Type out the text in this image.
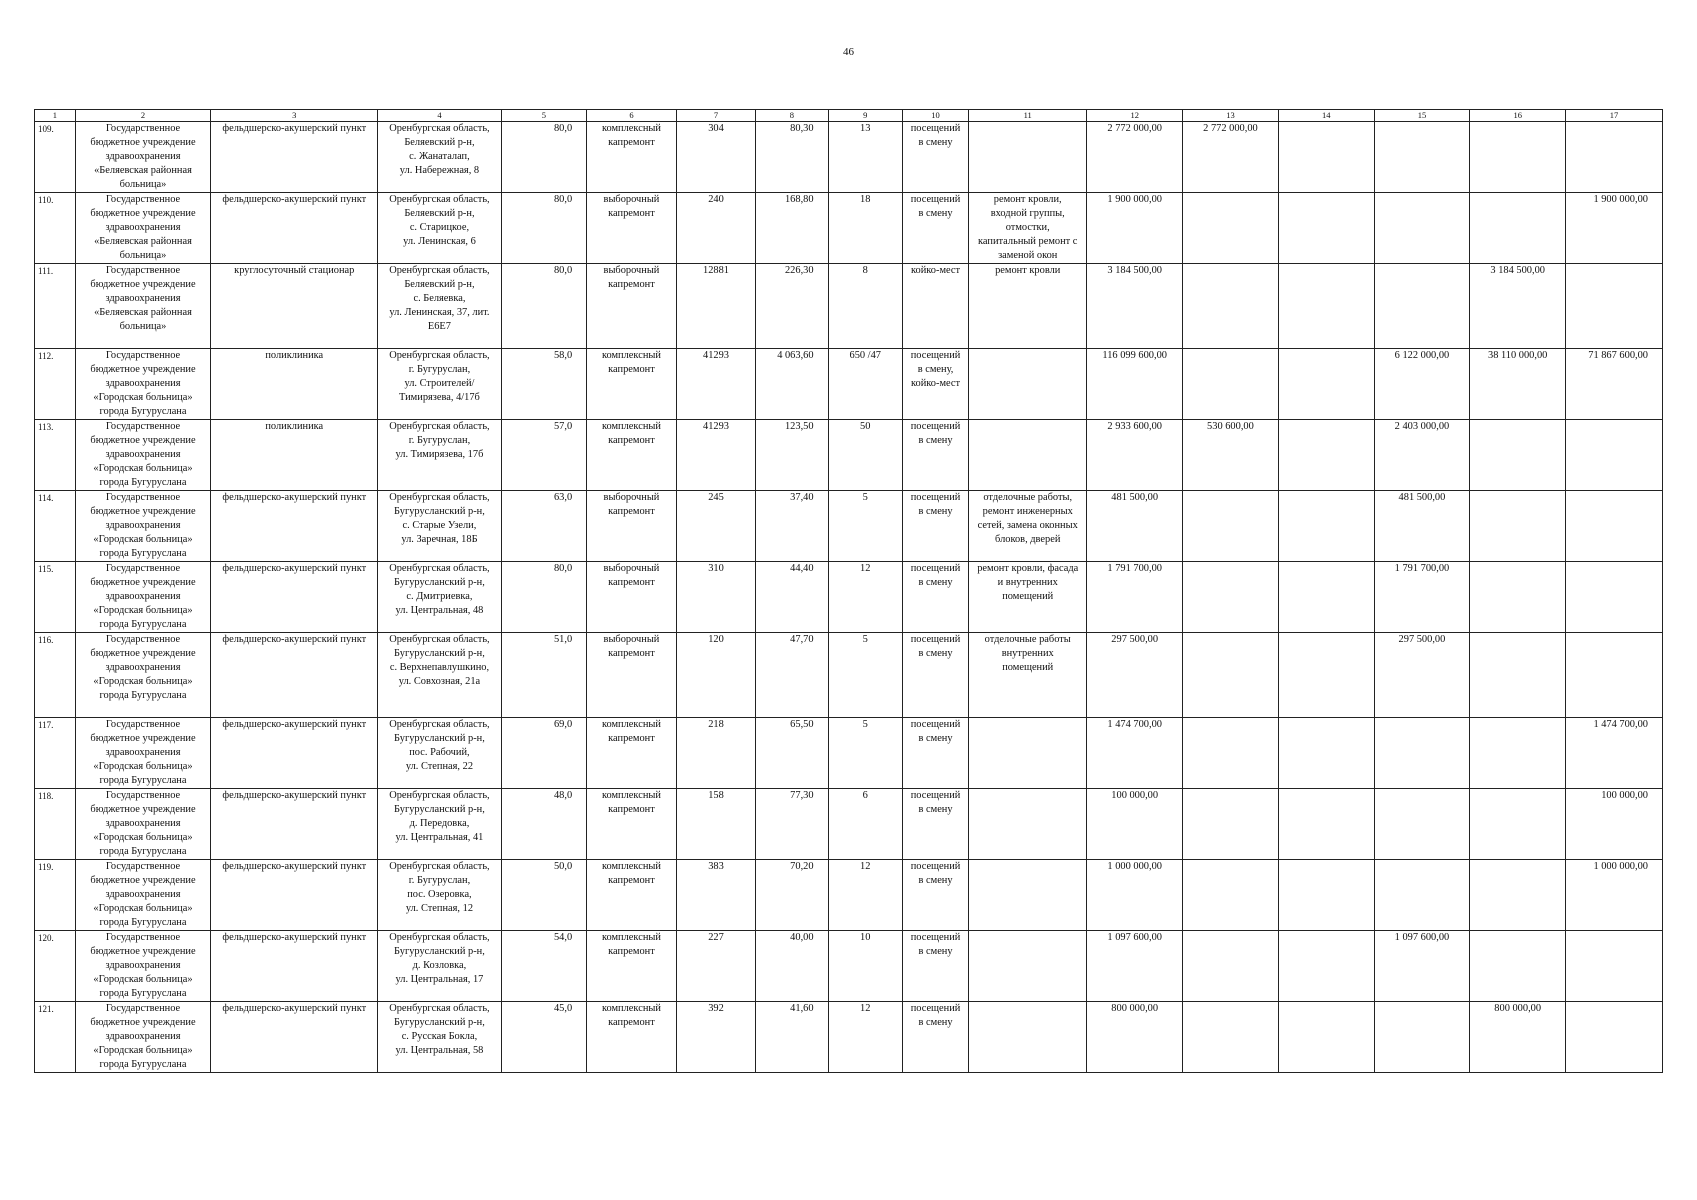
46
1	2	3	4	5	6	7	8	9	10	11	12	13	14	15	16	17

109.	Государственное
бюджетное учреждение
здравоохранения
«Беляевская районная
больница»	фельдшерско-акушерский пункт	Оренбургская область,
Беляевский р-н,
с. Жанаталап,
ул. Набережная, 8	80,0	комплексный
капремонт	304	80,30	13	посещений
в смену		2 772 000,00	2 772 000,00				

110.	Государственное
бюджетное учреждение
здравоохранения
«Беляевская районная
больница»	фельдшерско-акушерский пункт	Оренбургская область,
Беляевский р-н,
с. Старицкое,
ул. Ленинская, 6	80,0	выборочный
капремонт	240	168,80	18	посещений
в смену	ремонт кровли,
входной группы,
отмостки,
капитальный ремонт с
заменой окон	1 900 000,00					1 900 000,00

111.	Государственное
бюджетное учреждение
здравоохранения
«Беляевская районная
больница»	круглосуточный стационар	Оренбургская область,
Беляевский р-н,
с. Беляевка,
ул. Ленинская, 37, лит.
Е6Е7	80,0	выборочный
капремонт	12881	226,30	8	койко-мест	ремонт кровли	3 184 500,00				3 184 500,00	

112.	Государственное
бюджетное учреждение
здравоохранения
«Городская больница»
города Бугуруслана	поликлиника	Оренбургская область,
г. Бугуруслан,
ул. Строителей/
Тимирязева, 4/17б	58,0	комплексный
капремонт	41293	4 063,60	650 /47	посещений
в смену,
койко-мест		116 099 600,00			6 122 000,00	38 110 000,00	71 867 600,00

113.	Государственное
бюджетное учреждение
здравоохранения
«Городская больница»
города Бугуруслана	поликлиника	Оренбургская область,
г. Бугуруслан,
ул. Тимирязева, 17б	57,0	комплексный
капремонт	41293	123,50	50	посещений
в смену		2 933 600,00	530 600,00		2 403 000,00		

114.	Государственное
бюджетное учреждение
здравоохранения
«Городская больница»
города Бугуруслана	фельдшерско-акушерский пункт	Оренбургская область,
Бугурусланский р-н,
с. Старые Узели,
ул. Заречная, 18Б	63,0	выборочный
капремонт	245	37,40	5	посещений
в смену	отделочные работы,
ремонт инженерных
сетей, замена оконных
блоков, дверей	481 500,00			481 500,00		

115.	Государственное
бюджетное учреждение
здравоохранения
«Городская больница»
города Бугуруслана	фельдшерско-акушерский пункт	Оренбургская область,
Бугурусланский р-н,
с. Дмитриевка,
ул. Центральная, 48	80,0	выборочный
капремонт	310	44,40	12	посещений
в смену	ремонт кровли, фасада
и внутренних
помещений	1 791 700,00			1 791 700,00		

116.	Государственное
бюджетное учреждение
здравоохранения
«Городская больница»
города Бугуруслана	фельдшерско-акушерский пункт	Оренбургская область,
Бугурусланский р-н,
с. Верхнепавлушкино,
ул. Совхозная, 21а	51,0	выборочный
капремонт	120	47,70	5	посещений
в смену	отделочные работы
внутренних
помещений	297 500,00			297 500,00		

117.	Государственное
бюджетное учреждение
здравоохранения
«Городская больница»
города Бугуруслана	фельдшерско-акушерский пункт	Оренбургская область,
Бугурусланский р-н,
пос. Рабочий,
ул. Степная, 22	69,0	комплексный
капремонт	218	65,50	5	посещений
в смену		1 474 700,00					1 474 700,00

118.	Государственное
бюджетное учреждение
здравоохранения
«Городская больница»
города Бугуруслана	фельдшерско-акушерский пункт	Оренбургская область,
Бугурусланский р-н,
д. Передовка,
ул. Центральная, 41	48,0	комплексный
капремонт	158	77,30	6	посещений
в смену		100 000,00					100 000,00

119.	Государственное
бюджетное учреждение
здравоохранения
«Городская больница»
города Бугуруслана	фельдшерско-акушерский пункт	Оренбургская область,
г. Бугуруслан,
пос. Озеровка,
ул. Степная, 12	50,0	комплексный
капремонт	383	70,20	12	посещений
в смену		1 000 000,00					1 000 000,00

120.	Государственное
бюджетное учреждение
здравоохранения
«Городская больница»
города Бугуруслана	фельдшерско-акушерский пункт	Оренбургская область,
Бугурусланский р-н,
д. Козловка,
ул. Центральная, 17	54,0	комплексный
капремонт	227	40,00	10	посещений
в смену		1 097 600,00			1 097 600,00		

121.	Государственное
бюджетное учреждение
здравоохранения
«Городская больница»
города Бугуруслана	фельдшерско-акушерский пункт	Оренбургская область,
Бугурусланский р-н,
с. Русская Бокла,
ул. Центральная, 58	45,0	комплексный
капремонт	392	41,60	12	посещений
в смену		800 000,00				800 000,00	
